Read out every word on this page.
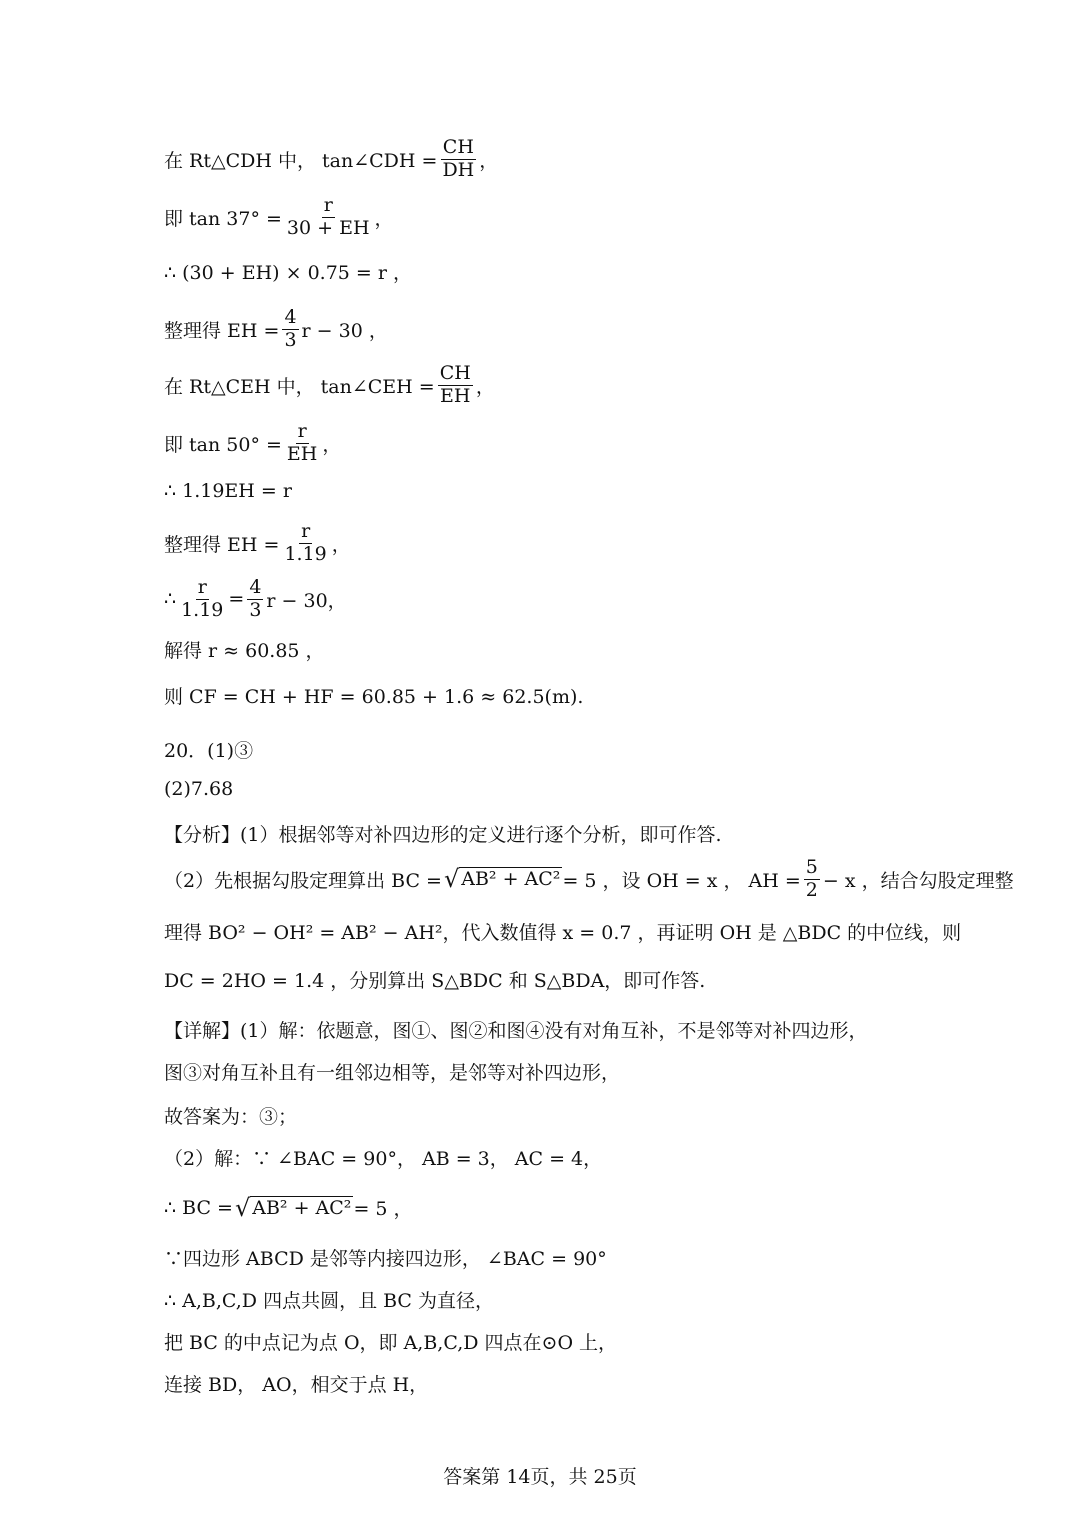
在 Rt△CDH 中， tan∠CDH = $\frac{CH}{DH}$ ，
即 $\tan 37^\circ = \frac{r}{30 + EH}$ ，
∴ (30 + EH) × 0.75 = r ，
整理得 EH = $\frac{4}{3}$ r − 30 ，
在 Rt△CEH 中， tan∠CEH = $\frac{CH}{EH}$ ，
即 $\tan 50^\circ = \frac{r}{EH}$ ，
∴ 1.19EH = r
整理得 EH = $\frac{r}{1.19}$ ，
∴ $\frac{r}{1.19} = \frac{4}{3}$ r − 30，
解得 r ≈ 60.85 ，
则 CF = CH + HF = 60.85 + 1.6 ≈ 62.5(m).
20．(1)③
(2)7.68
【分析】(1）根据邻等对补四边形的定义进行逐个分析，即可作答.
（2）先根据勾股定理算出 BC = √ AB² + AC² = 5 ，设 OH = x ， AH = $\frac{5}{2} - x$ ，结合勾股定理整
理得 BO² − OH² = AB² − AH²，代入数值得 x = 0.7 ，再证明 OH 是 △BDC 的中位线，则
DC = 2HO = 1.4 ，分别算出 S△BDC 和 S△BDA，即可作答.
【详解】(1）解：依题意，图①、图②和图④没有对角互补，不是邻等对补四边形，
图③对角互补且有一组邻边相等，是邻等对补四边形，
故答案为：③；
（2）解：∵ ∠BAC = 90°， AB = 3， AC = 4，
∴ BC = √ AB² + AC² = 5 ，
∵四边形 ABCD 是邻等内接四边形， ∠BAC = 90°
∴ A,B,C,D 四点共圆，且 BC 为直径，
把 BC 的中点记为点 O，即 A,B,C,D 四点在⊙O 上，
连接 BD， AO，相交于点 H，
答案第 14页，共 25页
